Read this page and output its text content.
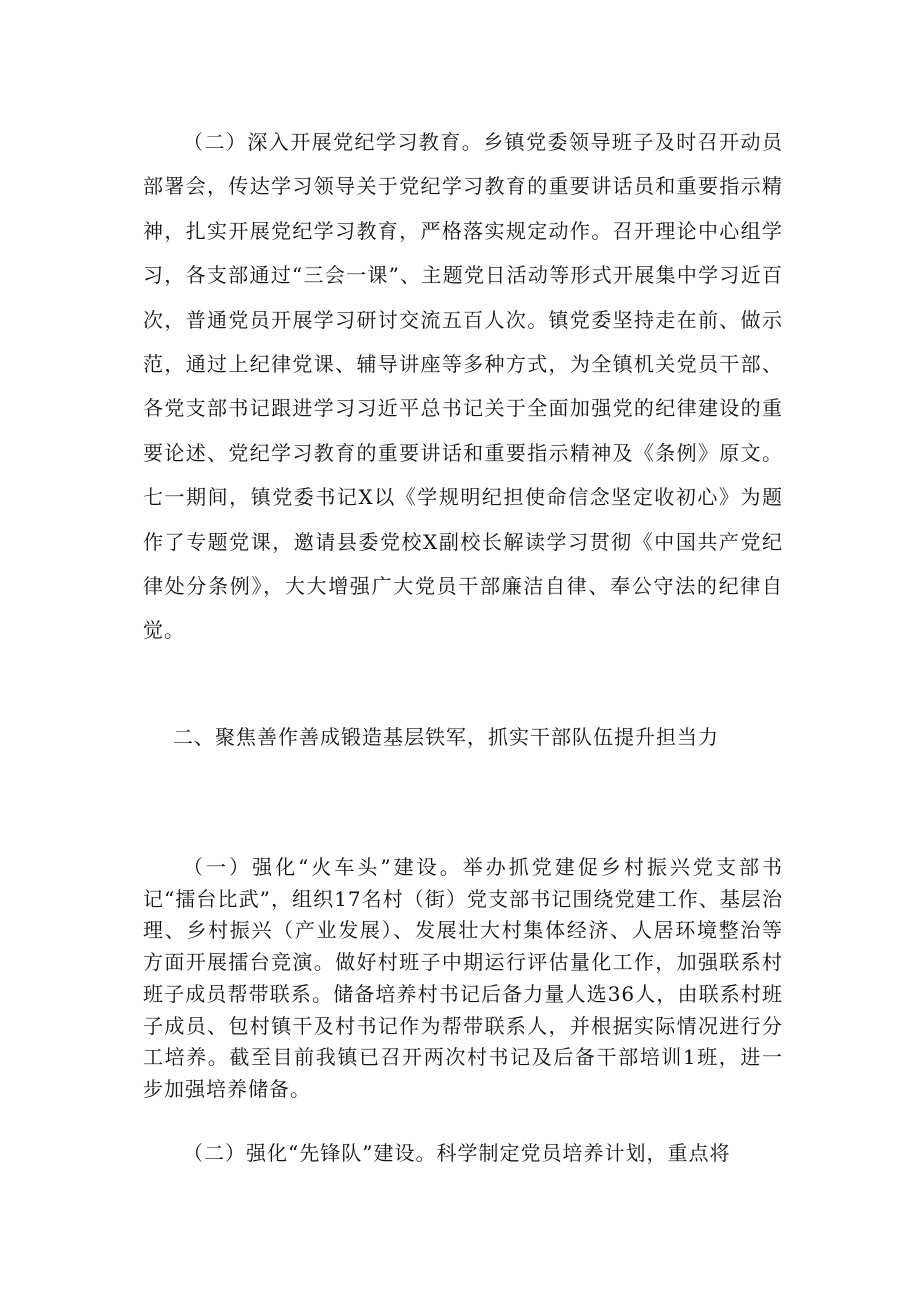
（二）深入开展党纪学习教育。乡镇党委领导班子及时召开动员部署会，传达学习领导关于党纪学习教育的重要讲话员和重要指示精神，扎实开展党纪学习教育，严格落实规定动作。召开理论中心组学习，各支部通过“三会一课”、主题党日活动等形式开展集中学习近百次，普通党员开展学习研讨交流五百人次。镇党委坚持走在前、做示范，通过上纪律党课、辅导讲座等多种方式，为全镇机关党员干部、各党支部书记跟进学习习近平总书记关于全面加强党的纪律建设的重要论述、党纪学习教育的重要讲话和重要指示精神及《条例》原文。七一期间，镇党委书记X以《学规明纪担使命信念坚定收初心》为题作了专题党课，邀请县委党校X副校长解读学习贯彻《中国共产党纪律处分条例》，大大增强广大党员干部廉洁自律、奉公守法的纪律自觉。

二、聚焦善作善成锻造基层铁军，抓实干部队伍提升担当力

（一）强化“火车头”建设。举办抓党建促乡村振兴党支部书记“擂台比武”，组织17名村（街）党支部书记围绕党建工作、基层治理、乡村振兴（产业发展）、发展壮大村集体经济、人居环境整治等方面开展擂台竞演。做好村班子中期运行评估量化工作，加强联系村班子成员帮带联系。储备培养村书记后备力量人选36人，由联系村班子成员、包村镇干及村书记作为帮带联系人，并根据实际情况进行分工培养。截至目前我镇已召开两次村书记及后备干部培训1班，进一步加强培养储备。

（二）强化“先锋队”建设。科学制定党员培养计划，重点将
